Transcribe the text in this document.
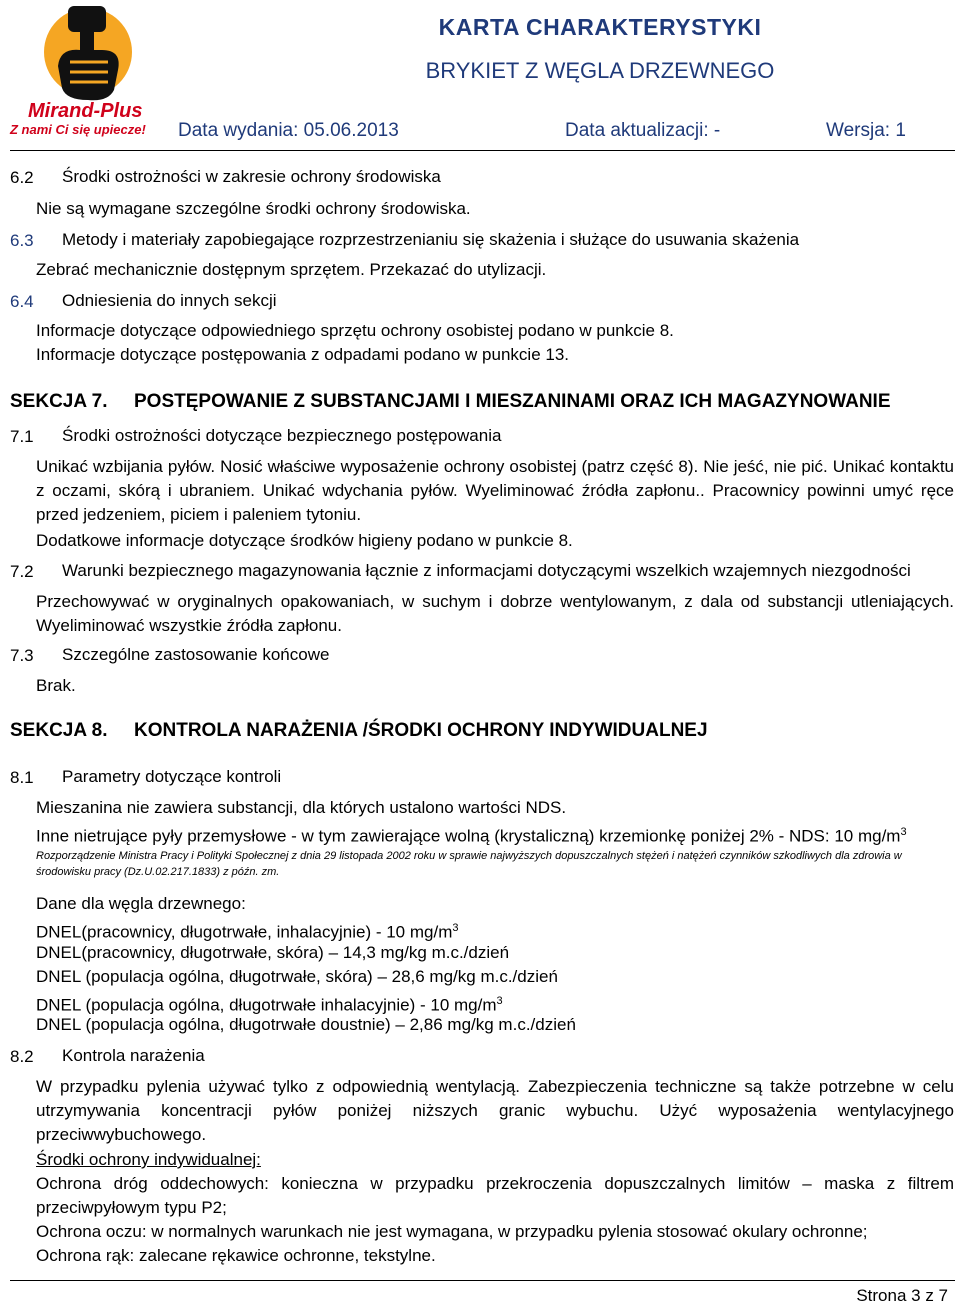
Mirand-Plus
Z nami Ci się upiecze!
KARTA CHARAKTERYSTYKI
BRYKIET Z WĘGLA DRZEWNEGO
Data wydania: 05.06.2013	Data aktualizacji: -	Wersja: 1
6.2 Środki ostrożności w zakresie ochrony środowiska
Nie są wymagane szczególne środki ochrony środowiska.
6.3 Metody i materiały zapobiegające rozprzestrzenianiu się skażenia i służące do usuwania skażenia
Zebrać mechanicznie dostępnym sprzętem. Przekazać do utylizacji.
6.4 Odniesienia do innych sekcji
Informacje dotyczące odpowiedniego sprzętu ochrony osobistej podano w punkcie 8.
Informacje dotyczące postępowania z odpadami podano w punkcie 13.
SEKCJA 7. POSTĘPOWANIE Z SUBSTANCJAMI I MIESZANINAMI ORAZ ICH MAGAZYNOWANIE
7.1 Środki ostrożności dotyczące bezpiecznego postępowania
Unikać wzbijania pyłów. Nosić właściwe wyposażenie ochrony osobistej (patrz część 8). Nie jeść, nie pić. Unikać kontaktu z oczami, skórą i ubraniem. Unikać wdychania pyłów. Wyeliminować źródła zapłonu.. Pracownicy powinni umyć ręce przed jedzeniem, piciem i paleniem tytoniu.
Dodatkowe informacje dotyczące środków higieny podano w punkcie 8.
7.2 Warunki bezpiecznego magazynowania łącznie z informacjami dotyczącymi wszelkich wzajemnych niezgodności
Przechowywać w oryginalnych opakowaniach, w suchym i dobrze wentylowanym, z dala od substancji utleniających. Wyeliminować wszystkie źródła zapłonu.
7.3 Szczególne zastosowanie końcowe
Brak.
SEKCJA 8. KONTROLA NARAŻENIA /ŚRODKI OCHRONY INDYWIDUALNEJ
8.1 Parametry dotyczące kontroli
Mieszanina nie zawiera substancji, dla których ustalono wartości NDS.
Inne nietrujące pyły przemysłowe - w tym zawierające wolną (krystaliczną) krzemionkę poniżej 2% - NDS: 10 $mg/m^3$
Rozporządzenie Ministra Pracy i Polityki Społecznej z dnia 29 listopada 2002 roku w sprawie najwyższych dopuszczalnych stężeń i natężeń czynników szkodliwych dla zdrowia w środowisku pracy (Dz.U.02.217.1833) z późn. zm.
Dane dla węgla drzewnego:
DNEL(pracownicy, długotrwałe, inhalacyjnie) - 10 $mg/m^3$
DNEL(pracownicy, długotrwałe, skóra) – 14,3 mg/kg m.c./dzień
DNEL (populacja ogólna, długotrwałe, skóra) – 28,6 mg/kg m.c./dzień
DNEL (populacja ogólna, długotrwałe inhalacyjnie) - 10 $mg/m^3$
DNEL (populacja ogólna, długotrwałe doustnie) – 2,86 mg/kg m.c./dzień
8.2 Kontrola narażenia
W przypadku pylenia używać tylko z odpowiednią wentylacją. Zabezpieczenia techniczne są także potrzebne w celu utrzymywania koncentracji pyłów poniżej niższych granic wybuchu. Użyć wyposażenia wentylacyjnego przeciwwybuchowego.
Środki ochrony indywidualnej:
Ochrona dróg oddechowych: konieczna w przypadku przekroczenia dopuszczalnych limitów – maska z filtrem przeciwpyłowym typu P2;
Ochrona oczu: w normalnych warunkach nie jest wymagana, w przypadku pylenia stosować okulary ochronne;
Ochrona rąk: zalecane rękawice ochronne, tekstylne.
Strona 3 z 7
